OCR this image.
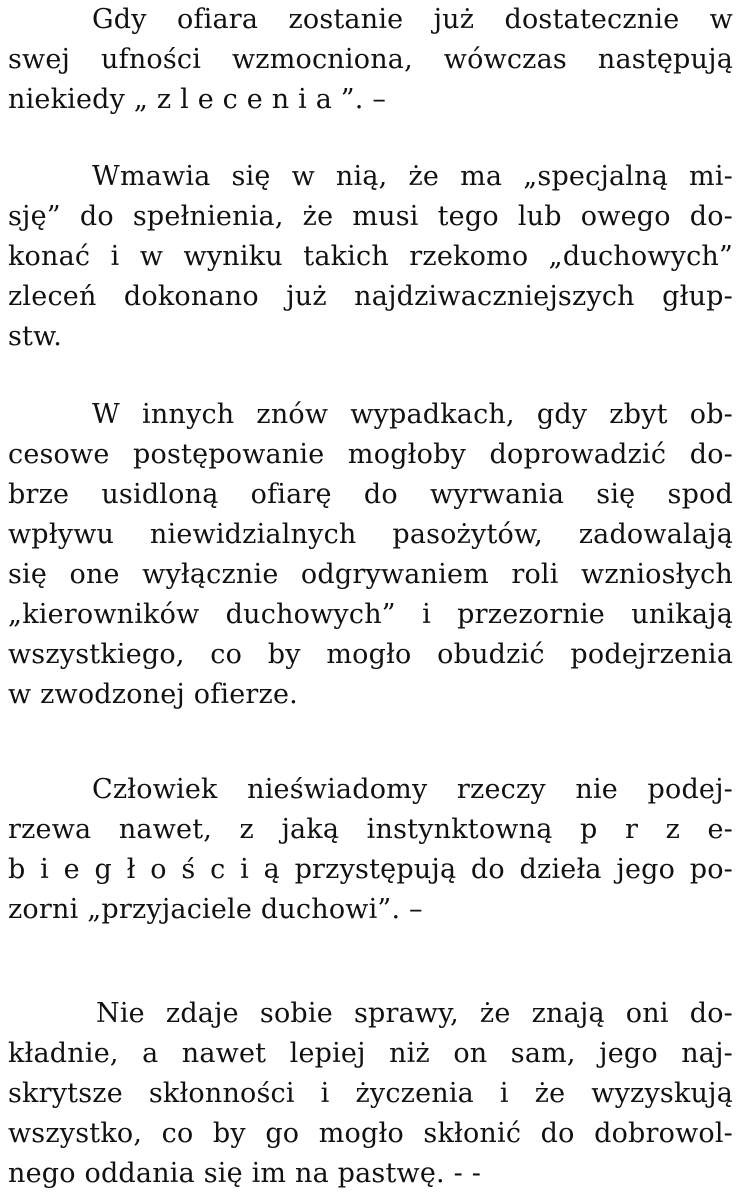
Gdy ofiara zostanie już dostatecznie w
swej ufności wzmocniona, wówczas następują
niekiedy „ z l e c e n i a ”. –
Wmawia się w nią, że ma „specjalną mi-
sję” do spełnienia, że musi tego lub owego do-
konać i w wyniku takich rzekomo „duchowych”
zleceń dokonano już najdziwaczniejszych głup-
stw.
W innych znów wypadkach, gdy zbyt ob-
cesowe postępowanie mogłoby doprowadzić do-
brze usidloną ofiarę do wyrwania się spod
wpływu niewidzialnych pasożytów, zadowalają
się one wyłącznie odgrywaniem roli wzniosłych
„kierowników duchowych” i przezornie unikają
wszystkiego, co by mogło obudzić podejrzenia
w zwodzonej ofierze.
Człowiek nieświadomy rzeczy nie podej-
rzewa nawet, z jaką instynktowną p r z e-
b i e g ł o ś c i ą przystępują do dzieła jego po-
zorni „przyjaciele duchowi”. –
Nie zdaje sobie sprawy, że znają oni do-
kładnie, a nawet lepiej niż on sam, jego naj-
skrytsze skłonności i życzenia i że wyzyskują
wszystko, co by go mogło skłonić do dobrowol-
nego oddania się im na pastwę. - -
